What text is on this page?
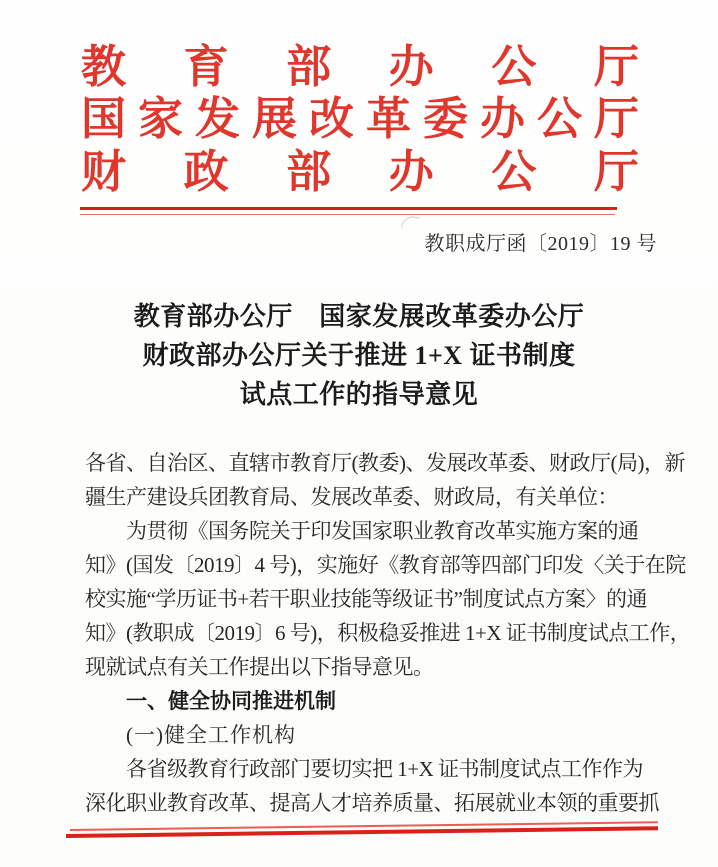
教育部办公厅
国家发展改革委办公厅
财政部办公厅
教职成厅函〔2019〕19 号
教育部办公厅　国家发展改革委办公厅
财政部办公厅关于推进 1+X 证书制度
试点工作的指导意见
各省、自治区、直辖市教育厅(教委)、发展改革委、财政厅(局)，新
疆生产建设兵团教育局、发展改革委、财政局，有关单位：
为贯彻《国务院关于印发国家职业教育改革实施方案的通
知》(国发〔2019〕4 号)，实施好《教育部等四部门印发〈关于在院
校实施“学历证书+若干职业技能等级证书”制度试点方案〉的通
知》(教职成〔2019〕6 号)，积极稳妥推进 1+X 证书制度试点工作，
现就试点有关工作提出以下指导意见。
一、健全协同推进机制
(一)健全工作机构
各省级教育行政部门要切实把 1+X 证书制度试点工作作为
深化职业教育改革、提高人才培养质量、拓展就业本领的重要抓
